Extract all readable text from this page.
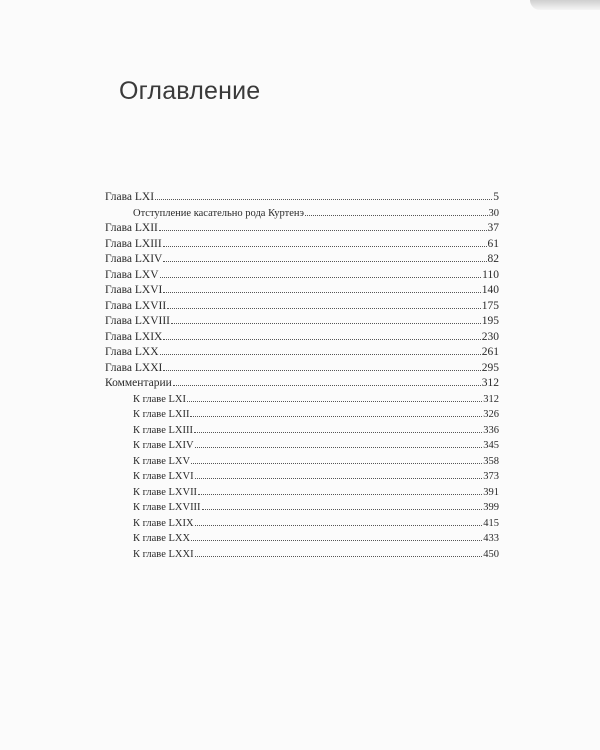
Оглавление
Глава LXI	5
Отступление касательно рода Куртенэ	30
Глава LXII	37
Глава LXIII	61
Глава LXIV	82
Глава LXV	110
Глава LXVI	140
Глава LXVII	175
Глава LXVIII	195
Глава LXIX	230
Глава LXX	261
Глава LXXI	295
Комментарии	312
К главе LXI	312
К главе LXII	326
К главе LXIII	336
К главе LXIV	345
К главе LXV	358
К главе LXVI	373
К главе LXVII	391
К главе LXVIII	399
К главе LXIX	415
К главе LXX	433
К главе LXXI	450
